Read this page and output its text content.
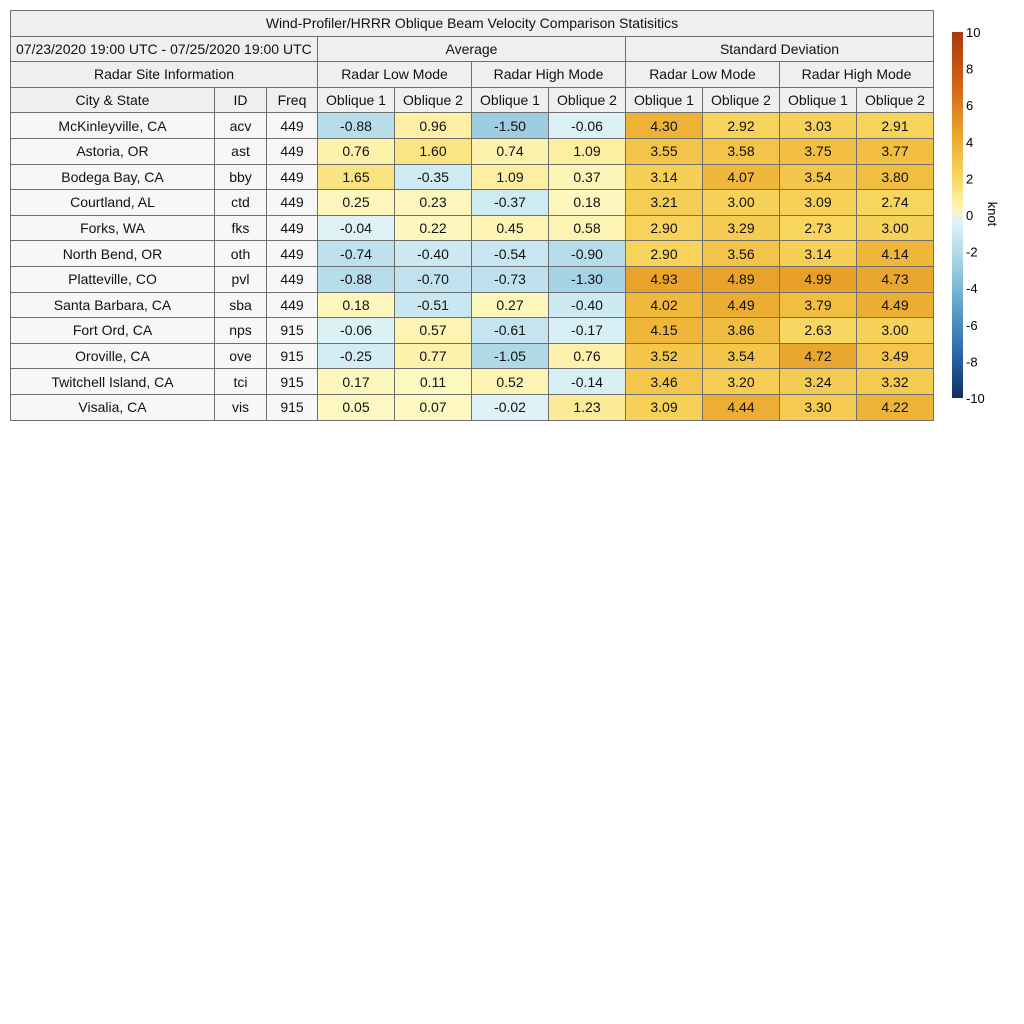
Wind-Profiler/HRRR Oblique Beam Velocity Comparison Statisitics										
07/23/2020 19:00 UTC - 07/25/2020 19:00 UTC			Average				Standard Deviation			
Radar Site Information			Radar Low Mode		Radar High Mode		Radar Low Mode		Radar High Mode	
City & State	ID	Freq	Oblique 1	Oblique 2	Oblique 1	Oblique 2	Oblique 1	Oblique 2	Oblique 1	Oblique 2
McKinleyville, CA	acv	449	-0.88	0.96	-1.50	-0.06	4.30	2.92	3.03	2.91
Astoria, OR	ast	449	0.76	1.60	0.74	1.09	3.55	3.58	3.75	3.77
Bodega Bay, CA	bby	449	1.65	-0.35	1.09	0.37	3.14	4.07	3.54	3.80
Courtland, AL	ctd	449	0.25	0.23	-0.37	0.18	3.21	3.00	3.09	2.74
Forks, WA	fks	449	-0.04	0.22	0.45	0.58	2.90	3.29	2.73	3.00
North Bend, OR	oth	449	-0.74	-0.40	-0.54	-0.90	2.90	3.56	3.14	4.14
Platteville, CO	pvl	449	-0.88	-0.70	-0.73	-1.30	4.93	4.89	4.99	4.73
Santa Barbara, CA	sba	449	0.18	-0.51	0.27	-0.40	4.02	4.49	3.79	4.49
Fort Ord, CA	nps	915	-0.06	0.57	-0.61	-0.17	4.15	3.86	2.63	3.00
Oroville, CA	ove	915	-0.25	0.77	-1.05	0.76	3.52	3.54	4.72	3.49
Twitchell Island, CA	tci	915	0.17	0.11	0.52	-0.14	3.46	3.20	3.24	3.32
Visalia, CA	vis	915	0.05	0.07	-0.02	1.23	3.09	4.44	3.30	4.22
10
8
6
4
2
0
-2
-4
-6
-8
-10
knot
